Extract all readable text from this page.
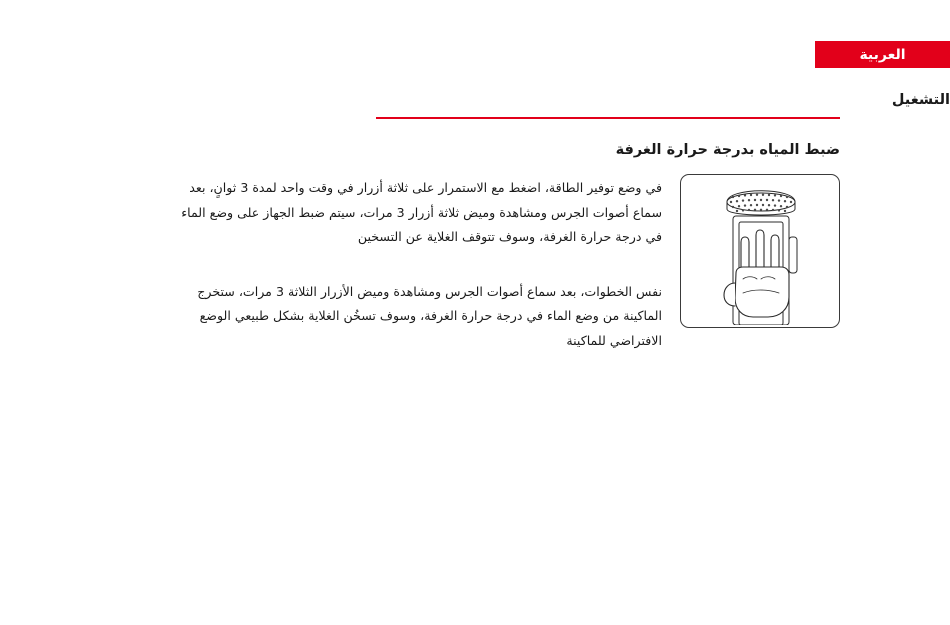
العربية
التشغيل
ضبط المياه بدرجة حرارة الغرفة

في وضع توفير الطاقة، اضغط مع الاستمرار على ثلاثة أزرار في وقت واحد لمدة 3 ثوانٍ، بعد سماع أصوات الجرس ومشاهدة وميض ثلاثة أزرار 3 مرات، سيتم ضبط الجهاز على وضع الماء في درجة حرارة الغرفة، وسوف تتوقف الغلاية عن التسخين

نفس الخطوات، بعد سماع أصوات الجرس ومشاهدة وميض الأزرار الثلاثة 3 مرات، ستخرج الماكينة من وضع الماء في درجة حرارة الغرفة، وسوف تسخُن الغلاية بشكل طبيعي الوضع الافتراضي للماكينة
